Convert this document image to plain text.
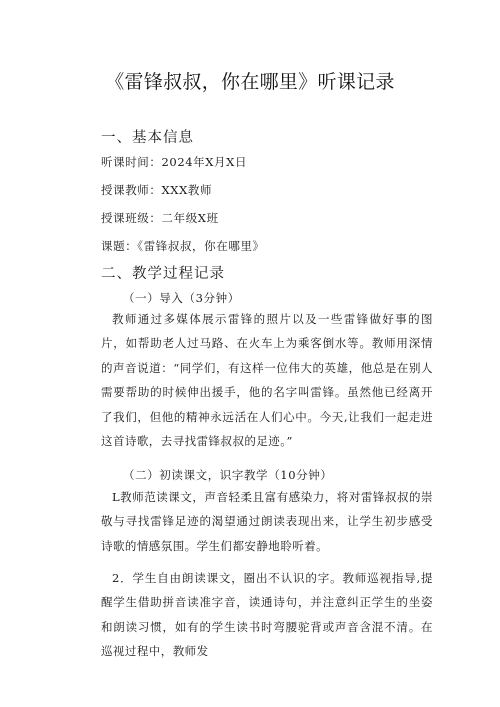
《雷锋叔叔，你在哪里》听课记录
一、基本信息
听课时间：2024年X月X日
授课教师：XXX教师
授课班级：二年级X班
课题：《雷锋叔叔，你在哪里》
二、教学过程记录
（一）导入（3分钟）
教师通过多媒体展示雷锋的照片以及一些雷锋做好事的图片，如帮助老人过马路、在火车上为乘客倒水等。教师用深情的声音说道：“同学们，有这样一位伟大的英雄，他总是在别人需要帮助的时候伸出援手，他的名字叫雷锋。虽然他已经离开了我们，但他的精神永远活在人们心中。今天,让我们一起走进这首诗歌，去寻找雷锋叔叔的足迹。”
（二）初读课文，识字教学（10分钟）
L教师范读课文，声音轻柔且富有感染力，将对雷锋叔叔的崇敬与寻找雷锋足迹的渴望通过朗读表现出来，让学生初步感受诗歌的情感氛围。学生们都安静地聆听着。
2．学生自由朗读课文，圈出不认识的字。教师巡视指导,提醒学生借助拼音读准字音，读通诗句，并注意纠正学生的坐姿和朗读习惯，如有的学生读书时弯腰驼背或声音含混不清。在巡视过程中，教师发
